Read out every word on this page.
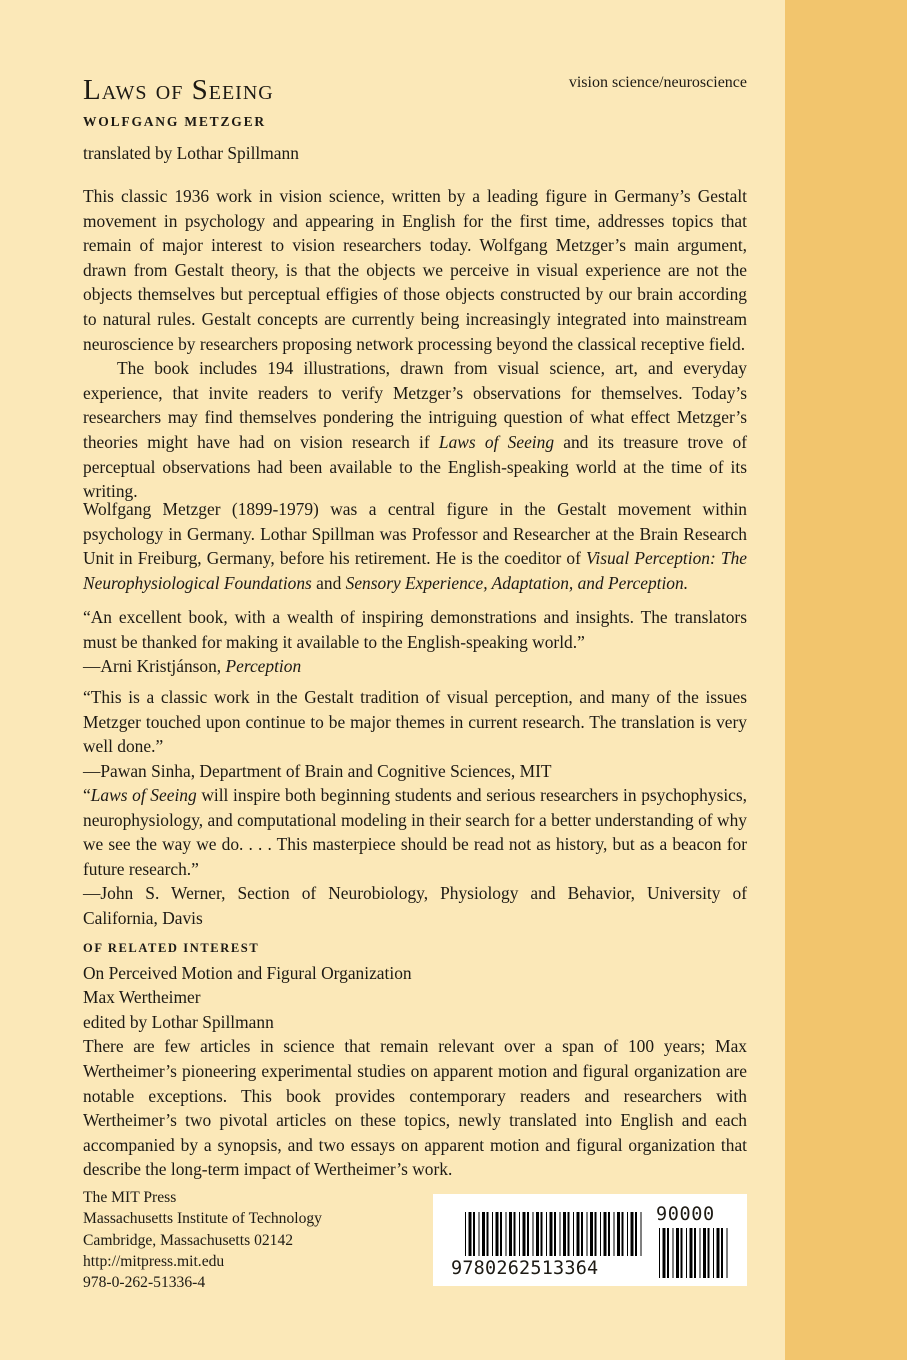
Laws of Seeing	vision science/neuroscience
WOLFGANG METZGER
translated by Lothar Spillmann

This classic 1936 work in vision science, written by a leading figure in Germany’s Gestalt movement in psychology and appearing in English for the first time, addresses topics that remain of major interest to vision researchers today. Wolfgang Metzger’s main argument, drawn from Gestalt theory, is that the objects we perceive in visual experience are not the objects themselves but perceptual effigies of those objects constructed by our brain according to natural rules. Gestalt concepts are currently being increasingly integrated into mainstream neuroscience by researchers proposing network processing beyond the classical receptive field.

The book includes 194 illustrations, drawn from visual science, art, and everyday experience, that invite readers to verify Metzger’s observations for themselves. Today’s researchers may find themselves pondering the intriguing question of what effect Metzger’s theories might have had on vision research if Laws of Seeing and its treasure trove of perceptual observations had been available to the English-speaking world at the time of its writing.

Wolfgang Metzger (1899-1979) was a central figure in the Gestalt movement within psychology in Germany. Lothar Spillman was Professor and Researcher at the Brain Research Unit in Freiburg, Germany, before his retirement. He is the coeditor of Visual Perception: The Neurophysiological Foundations and Sensory Experience, Adaptation, and Perception.

“An excellent book, with a wealth of inspiring demonstrations and insights. The translators must be thanked for making it available to the English-speaking world.”

—Arni Kristjánson, Perception

“This is a classic work in the Gestalt tradition of visual perception, and many of the issues Metzger touched upon continue to be major themes in current research. The translation is very well done.”

—Pawan Sinha, Department of Brain and Cognitive Sciences, MIT

“Laws of Seeing will inspire both beginning students and serious researchers in psychophysics, neurophysiology, and computational modeling in their search for a better understanding of why we see the way we do. . . . This masterpiece should be read not as history, but as a beacon for future research.”

—John S. Werner, Section of Neurobiology, Physiology and Behavior, University of California, Davis

OF RELATED INTEREST

On Perceived Motion and Figural Organization

Max Wertheimer

edited by Lothar Spillmann

There are few articles in science that remain relevant over a span of 100 years; Max Wertheimer’s pioneering experimental studies on apparent motion and figural organization are notable exceptions. This book provides contemporary readers and researchers with Wertheimer’s two pivotal articles on these topics, newly translated into English and each accompanied by a synopsis, and two essays on apparent motion and figural organization that describe the long-term impact of Wertheimer’s work.

The MIT Press

Massachusetts Institute of Technology

Cambridge, Massachusetts 02142

http://mitpress.mit.edu

978-0-262-51336-4

9780262513364
90000
